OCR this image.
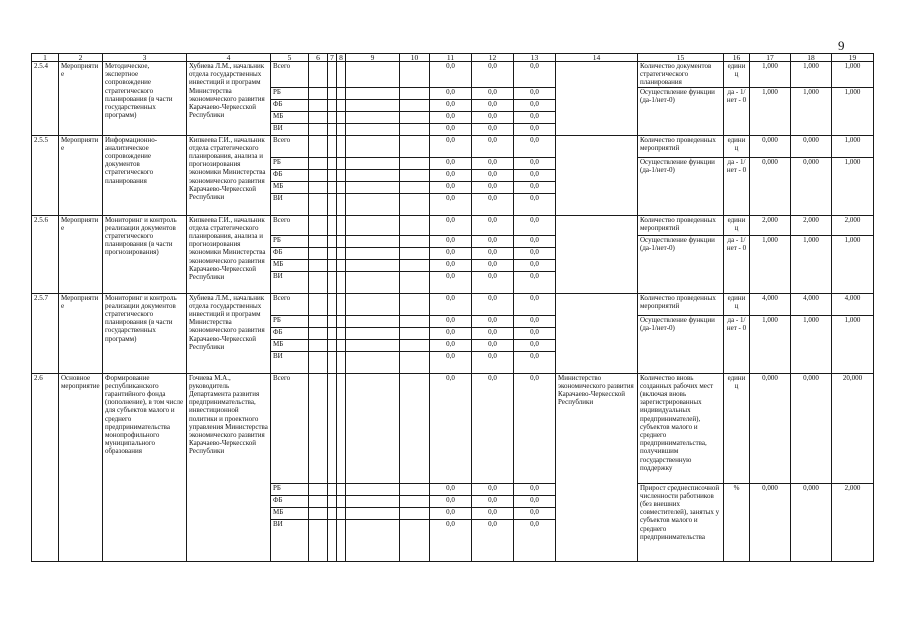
9
1	2	3	4	5	6	7	8	9	10	11	12	13	14	15	16	17	18	19
2.5.4	Мероприятие	Методическое, экспертное сопровождение стратегического планирования (в части государственных программ)	Хубиева Л.М., начальник отдела государственных инвестиций и программ Министерства экономического развития Карачаево-Черкесской Республики	Всего						0,0	0,0	0,0		Количество документов стратегического планирования	единиц	1,000	1,000	1,000
				РБ						0,0	0,0	0,0		Осуществление функции (да-1/нет-0)	да - 1/ нет - 0	1,000	1,000	1,000
				ФБ						0,0	0,0	0,0						
				МБ						0,0	0,0	0,0						
				ВИ						0,0	0,0	0,0						
2.5.5	Мероприятие	Информационно-аналитическое сопровождение документов стратегического планирования	Кипкеева Г.И., начальник отдела стратегического планирования, анализа и прогнозирования экономики Министерства экономического развития Карачаево-Черкесской Республики	Всего						0,0	0,0	0,0		Количество проведенных мероприятий	единиц	0,000	0,000	1,000
				РБ						0,0	0,0	0,0		Осуществление функции (да-1/нет-0)	да - 1/ нет - 0	0,000	0,000	1,000
				ФБ						0,0	0,0	0,0						
				МБ						0,0	0,0	0,0						
				ВИ						0,0	0,0	0,0						
2.5.6	Мероприятие	Мониторинг и контроль реализации документов стратегического планирования (в части прогнозирования)	Кипкеева Г.И., начальник отдела стратегического планирования, анализа и прогнозирования экономики Министерства экономического развития Карачаево-Черкесской Республики	Всего						0,0	0,0	0,0		Количество проведенных мероприятий	единиц	2,000	2,000	2,000
				РБ						0,0	0,0	0,0		Осуществление функции (да-1/нет-0)	да - 1/ нет - 0	1,000	1,000	1,000
				ФБ						0,0	0,0	0,0						
				МБ						0,0	0,0	0,0						
				ВИ						0,0	0,0	0,0						
2.5.7	Мероприятие	Мониторинг и контроль реализации документов стратегического планирования (в части государственных программ)	Хубиева Л.М., начальник отдела государственных инвестиций и программ Министерства экономического развития Карачаево-Черкесской Республики	Всего						0,0	0,0	0,0		Количество проведенных мероприятий	единиц	4,000	4,000	4,000
				РБ						0,0	0,0	0,0		Осуществление функции (да-1/нет-0)	да - 1/ нет - 0	1,000	1,000	1,000
				ФБ						0,0	0,0	0,0						
				МБ						0,0	0,0	0,0						
				ВИ						0,0	0,0	0,0						
2.6	Основное мероприятие	Формирование республиканского гарантийного фонда (пополнение), в том числе для субъектов малого и среднего предпринимательства монопрофильного муниципального образования	Гочиева М.А., руководитель Департамента развития предпринимательства, инвестиционной политики и проектного управления Министерства экономического развития Карачаево-Черкесской Республики	Всего						0,0	0,0	0,0	Министерство экономического развития Карачаево-Черкесской Республики	Количество вновь созданных рабочих мест (включая вновь зарегистрированных индивидуальных предпринимателей), субъектов малого и среднего предпринимательства, получившим государственную поддержку	единиц	0,000	0,000	20,000
				РБ						0,0	0,0	0,0		Прирост среднесписочной численности работников (без внешних совместителей), занятых у субъектов малого и среднего предпринимательства	%	0,000	0,000	2,000
				ФБ						0,0	0,0	0,0						
				МБ						0,0	0,0	0,0						
				ВИ						0,0	0,0	0,0						
